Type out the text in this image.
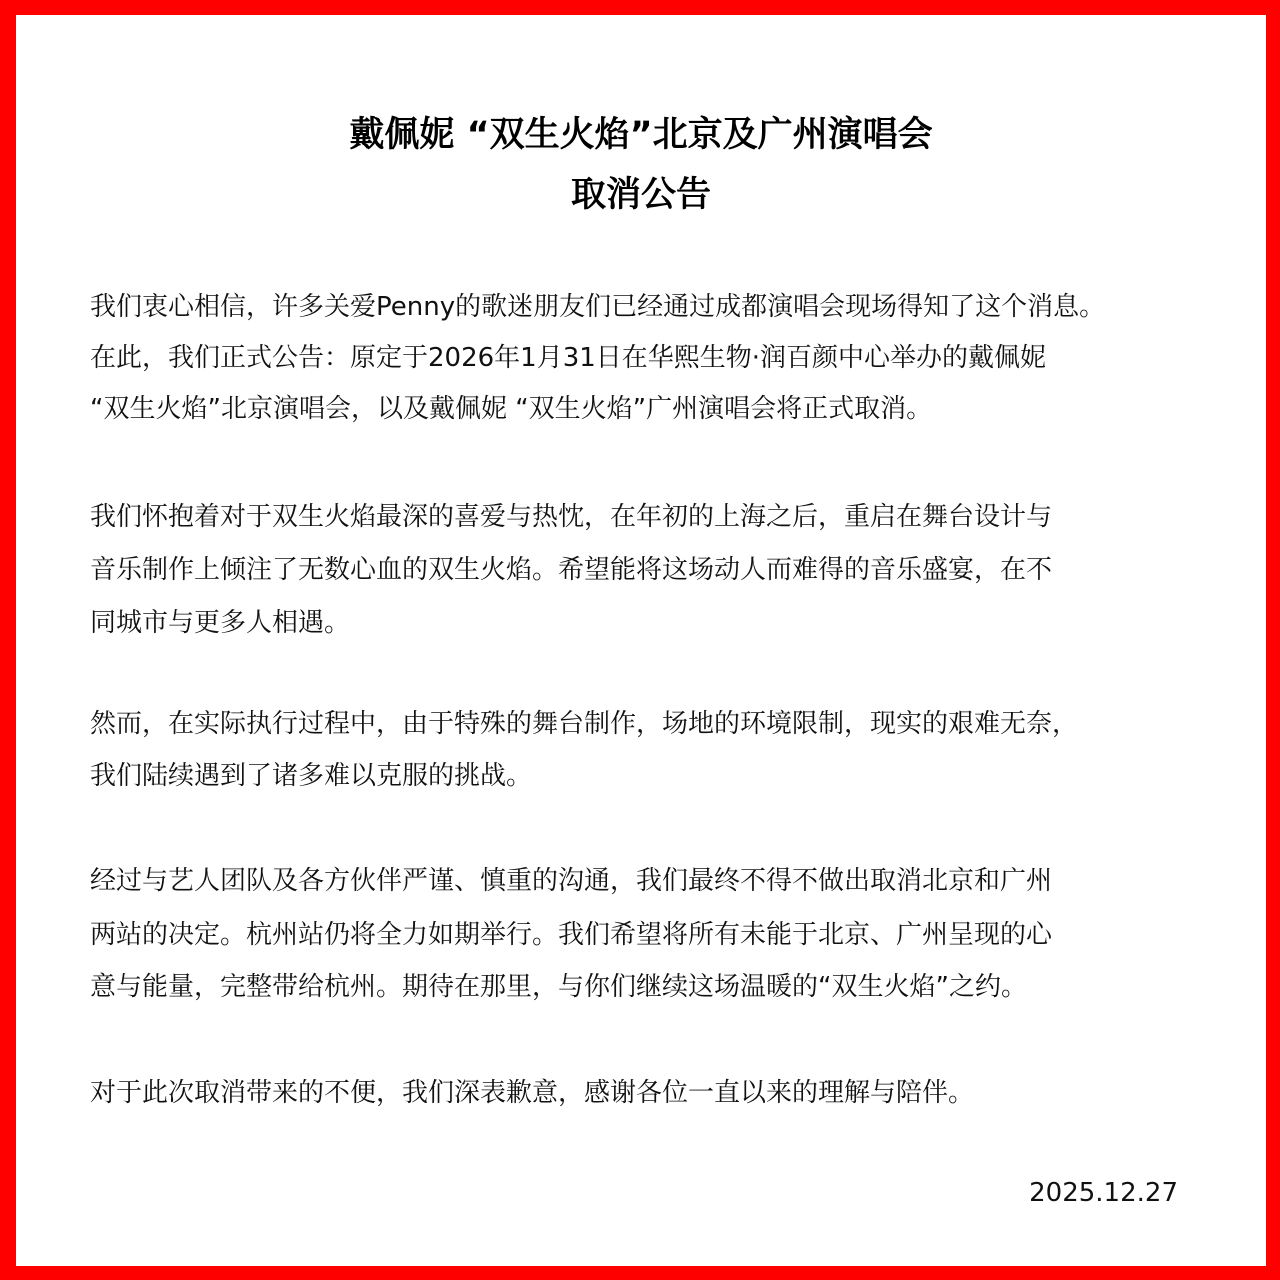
戴佩妮 “双生火焰”北京及广州演唱会
取消公告
我们衷心相信，许多关爱Penny的歌迷朋友们已经通过成都演唱会现场得知了这个消息。
在此，我们正式公告：原定于2026年1月31日在华熙生物·润百颜中心举办的戴佩妮
“双生火焰”北京演唱会，以及戴佩妮 “双生火焰”广州演唱会将正式取消。
我们怀抱着对于双生火焰最深的喜爱与热忱，在年初的上海之后，重启在舞台设计与
音乐制作上倾注了无数心血的双生火焰。希望能将这场动人而难得的音乐盛宴，在不
同城市与更多人相遇。
然而，在实际执行过程中，由于特殊的舞台制作，场地的环境限制，现实的艰难无奈，
我们陆续遇到了诸多难以克服的挑战。
经过与艺人团队及各方伙伴严谨、慎重的沟通，我们最终不得不做出取消北京和广州
两站的决定。杭州站仍将全力如期举行。我们希望将所有未能于北京、广州呈现的心
意与能量，完整带给杭州。期待在那里，与你们继续这场温暖的“双生火焰”之约。
对于此次取消带来的不便，我们深表歉意，感谢各位一直以来的理解与陪伴。
2025.12.27
